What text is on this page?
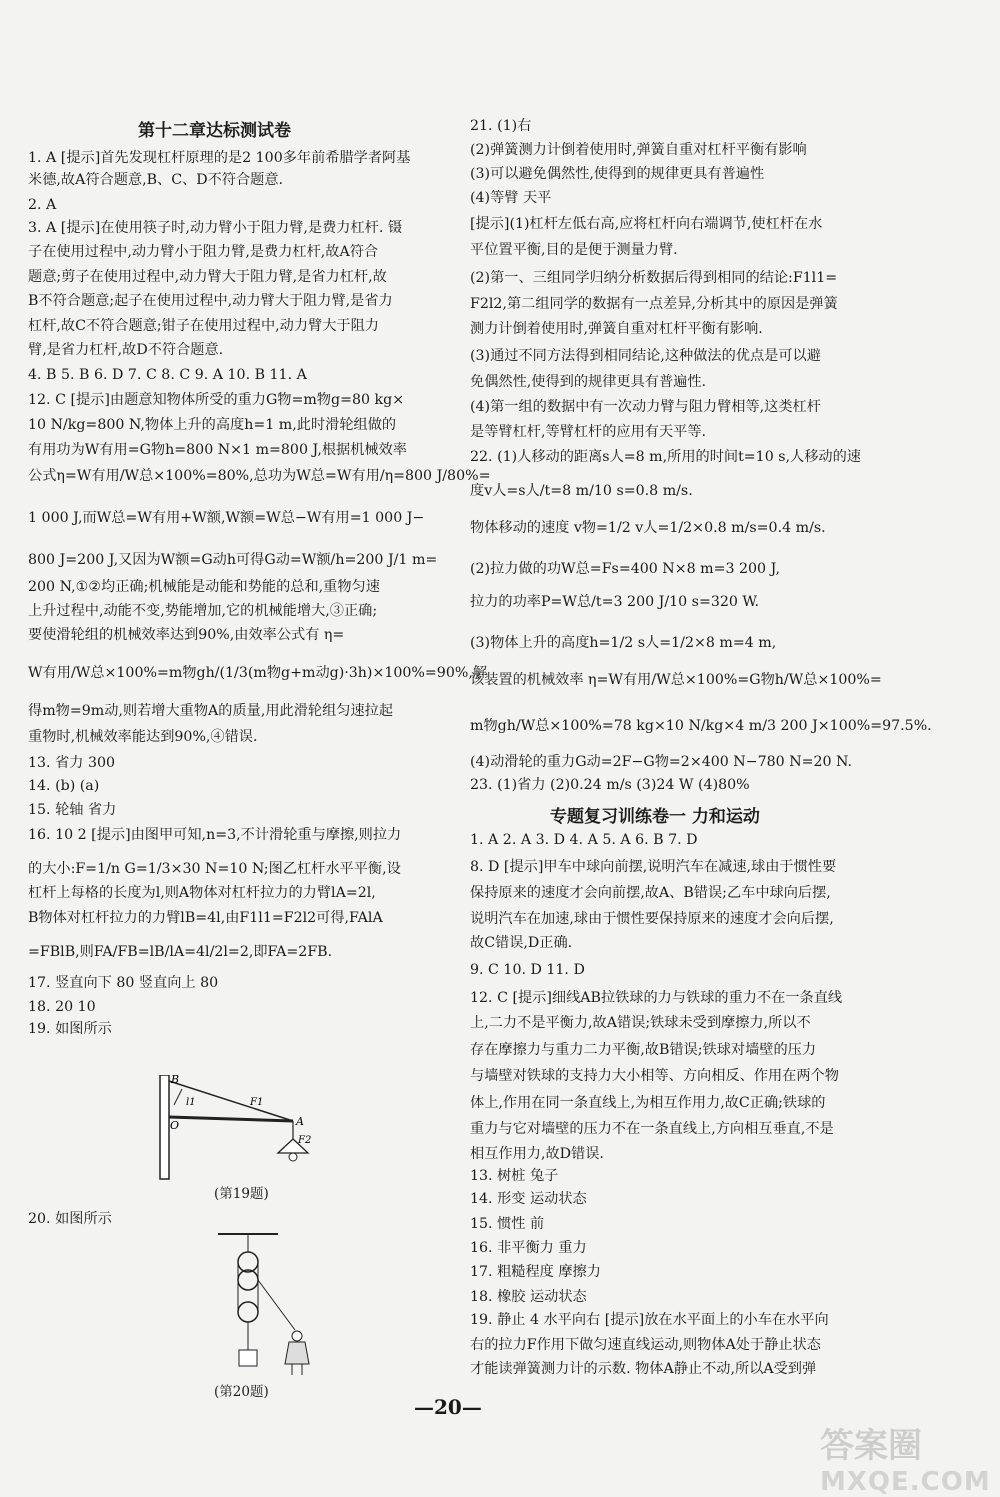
第十二章达标测试卷
1. A [提示]首先发现杠杆原理的是2 100多年前希腊学者阿基
米德,故A符合题意,B、C、D不符合题意.
2. A
3. A [提示]在使用筷子时,动力臂小于阻力臂,是费力杠杆. 镊
子在使用过程中,动力臂小于阻力臂,是费力杠杆,故A符合
题意;剪子在使用过程中,动力臂大于阻力臂,是省力杠杆,故
B不符合题意;起子在使用过程中,动力臂大于阻力臂,是省力
杠杆,故C不符合题意;钳子在使用过程中,动力臂大于阻力
臂,是省力杠杆,故D不符合题意.
4. B 5. B 6. D 7. C 8. C 9. A 10. B 11. A
12. C [提示]由题意知物体所受的重力G物=m物g=80 kg×
10 N/kg=800 N,物体上升的高度h=1 m,此时滑轮组做的
有用功为W有用=G物h=800 N×1 m=800 J,根据机械效率
公式η=W有用/W总×100%=80%,总功为W总=W有用/η=800 J/80%=
1 000 J,而W总=W有用+W额,W额=W总−W有用=1 000 J−
800 J=200 J,又因为W额=G动h可得G动=W额/h=200 J/1 m=
200 N,①②均正确;机械能是动能和势能的总和,重物匀速
上升过程中,动能不变,势能增加,它的机械能增大,③正确;
要使滑轮组的机械效率达到90%,由效率公式有 η=
W有用/W总×100%=m物gh/(1/3(m物g+m动g)·3h)×100%=90%,解
得m物=9m动,则若增大重物A的质量,用此滑轮组匀速拉起
重物时,机械效率能达到90%,④错误.
13. 省力 300
14. (b) (a)
15. 轮轴 省力
16. 10 2 [提示]由图甲可知,n=3,不计滑轮重与摩擦,则拉力
的大小:F=1/n G=1/3×30 N=10 N;图乙杠杆水平平衡,设
杠杆上每格的长度为l,则A物体对杠杆拉力的力臂lA=2l,
B物体对杠杆拉力的力臂lB=4l,由F1l1=F2l2可得,FAlA
=FBlB,则FA/FB=lB/lA=4l/2l=2,即FA=2FB.
17. 竖直向下 80 竖直向上 80
18. 20 10
19. 如图所示
20. 如图所示
B
A
O
l1	F1
F2
(第19题)
(第20题)
21. (1)右
(2)弹簧测力计倒着使用时,弹簧自重对杠杆平衡有影响
(3)可以避免偶然性,使得到的规律更具有普遍性
(4)等臂 天平
[提示](1)杠杆左低右高,应将杠杆向右端调节,使杠杆在水
平位置平衡,目的是便于测量力臂.
(2)第一、三组同学归纳分析数据后得到相同的结论:F1l1=
F2l2,第二组同学的数据有一点差异,分析其中的原因是弹簧
测力计倒着使用时,弹簧自重对杠杆平衡有影响.
(3)通过不同方法得到相同结论,这种做法的优点是可以避
免偶然性,使得到的规律更具有普遍性.
(4)第一组的数据中有一次动力臂与阻力臂相等,这类杠杆
是等臂杠杆,等臂杠杆的应用有天平等.
22. (1)人移动的距离s人=8 m,所用的时间t=10 s,人移动的速
度v人=s人/t=8 m/10 s=0.8 m/s.
物体移动的速度 v物=1/2 v人=1/2×0.8 m/s=0.4 m/s.
(2)拉力做的功W总=Fs=400 N×8 m=3 200 J,
拉力的功率P=W总/t=3 200 J/10 s=320 W.
(3)物体上升的高度h=1/2 s人=1/2×8 m=4 m,
该装置的机械效率 η=W有用/W总×100%=G物h/W总×100%=
m物gh/W总×100%=78 kg×10 N/kg×4 m/3 200 J×100%=97.5%.
(4)动滑轮的重力G动=2F−G物=2×400 N−780 N=20 N.
23. (1)省力 (2)0.24 m/s (3)24 W (4)80%
专题复习训练卷一 力和运动
1. A 2. A 3. D 4. A 5. A 6. B 7. D
8. D [提示]甲车中球向前摆,说明汽车在减速,球由于惯性要
保持原来的速度才会向前摆,故A、B错误;乙车中球向后摆,
说明汽车在加速,球由于惯性要保持原来的速度才会向后摆,
故C错误,D正确.
9. C 10. D 11. D
12. C [提示]细线AB拉铁球的力与铁球的重力不在一条直线
上,二力不是平衡力,故A错误;铁球未受到摩擦力,所以不
存在摩擦力与重力二力平衡,故B错误;铁球对墙壁的压力
与墙壁对铁球的支持力大小相等、方向相反、作用在两个物
体上,作用在同一条直线上,为相互作用力,故C正确;铁球的
重力与它对墙壁的压力不在一条直线上,方向相互垂直,不是
相互作用力,故D错误.
13. 树桩 兔子
14. 形变 运动状态
15. 惯性 前
16. 非平衡力 重力
17. 粗糙程度 摩擦力
18. 橡胶 运动状态
19. 静止 4 水平向右 [提示]放在水平面上的小车在水平向
右的拉力F作用下做匀速直线运动,则物体A处于静止状态
才能读弹簧测力计的示数. 物体A静止不动,所以A受到弹
—20—
答案圈
MXQE.COM
